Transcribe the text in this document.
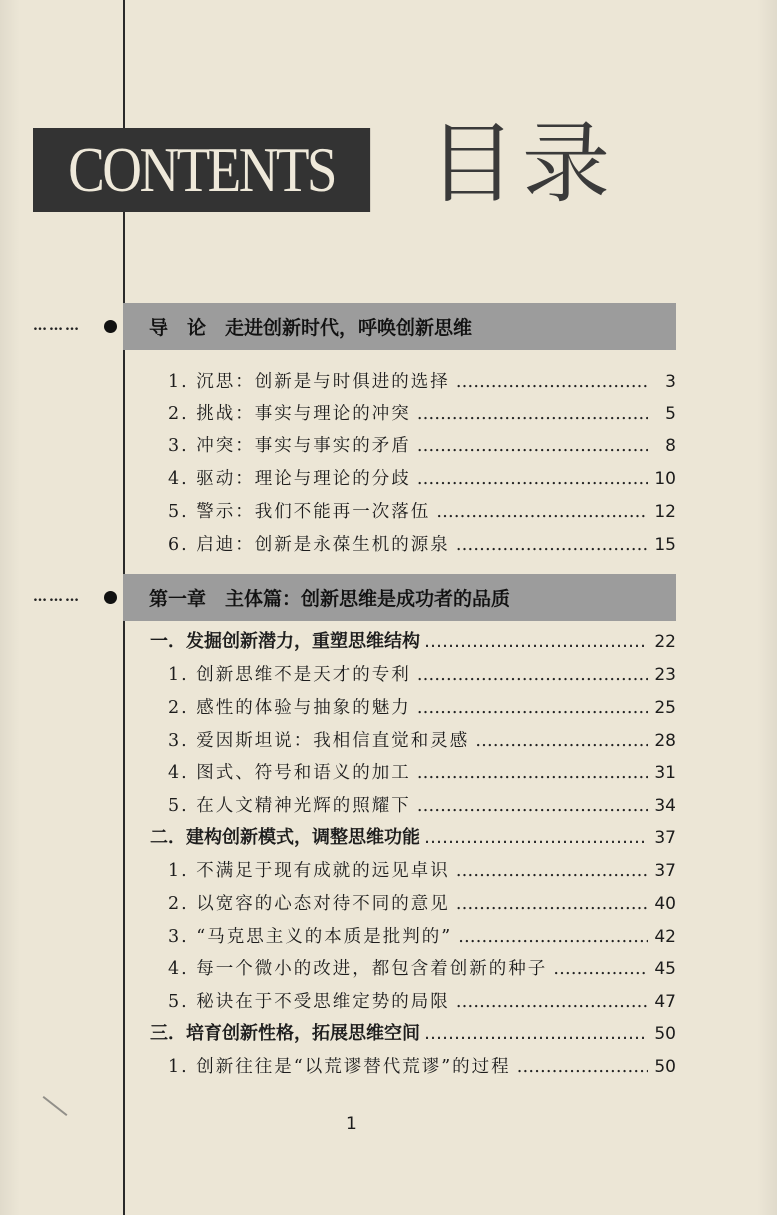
CONTENTS	目录
………	导　论　走进创新时代，呼唤创新思维
1. 沉思：创新是与时俱进的选择 ……………………………………………………………………………………	3
2. 挑战：事实与理论的冲突 ……………………………………………………………………………………	5
3. 冲突：事实与事实的矛盾 ……………………………………………………………………………………	8
4. 驱动：理论与理论的分歧 ……………………………………………………………………………………	10
5. 警示：我们不能再一次落伍 ……………………………………………………………………………………	12
6. 启迪：创新是永葆生机的源泉 ……………………………………………………………………………………	15
………	第一章　主体篇：创新思维是成功者的品质
一．发掘创新潜力，重塑思维结构 ……………………………………………………………………………………	22
1. 创新思维不是天才的专利 ……………………………………………………………………………………	23
2. 感性的体验与抽象的魅力 ……………………………………………………………………………………	25
3. 爱因斯坦说：我相信直觉和灵感 ……………………………………………………………………………………	28
4. 图式、符号和语义的加工 ……………………………………………………………………………………	31
5. 在人文精神光辉的照耀下 ……………………………………………………………………………………	34
二．建构创新模式，调整思维功能 ……………………………………………………………………………………	37
1. 不满足于现有成就的远见卓识 ……………………………………………………………………………………	37
2. 以宽容的心态对待不同的意见 ……………………………………………………………………………………	40
3. “马克思主义的本质是批判的” ……………………………………………………………………………………	42
4. 每一个微小的改进，都包含着创新的种子 ……………………………………………………………………………………	45
5. 秘诀在于不受思维定势的局限 ……………………………………………………………………………………	47
三．培育创新性格，拓展思维空间 ……………………………………………………………………………………	50
1. 创新往往是“以荒谬替代荒谬”的过程 ……………………………………………………………………………………	50
1
